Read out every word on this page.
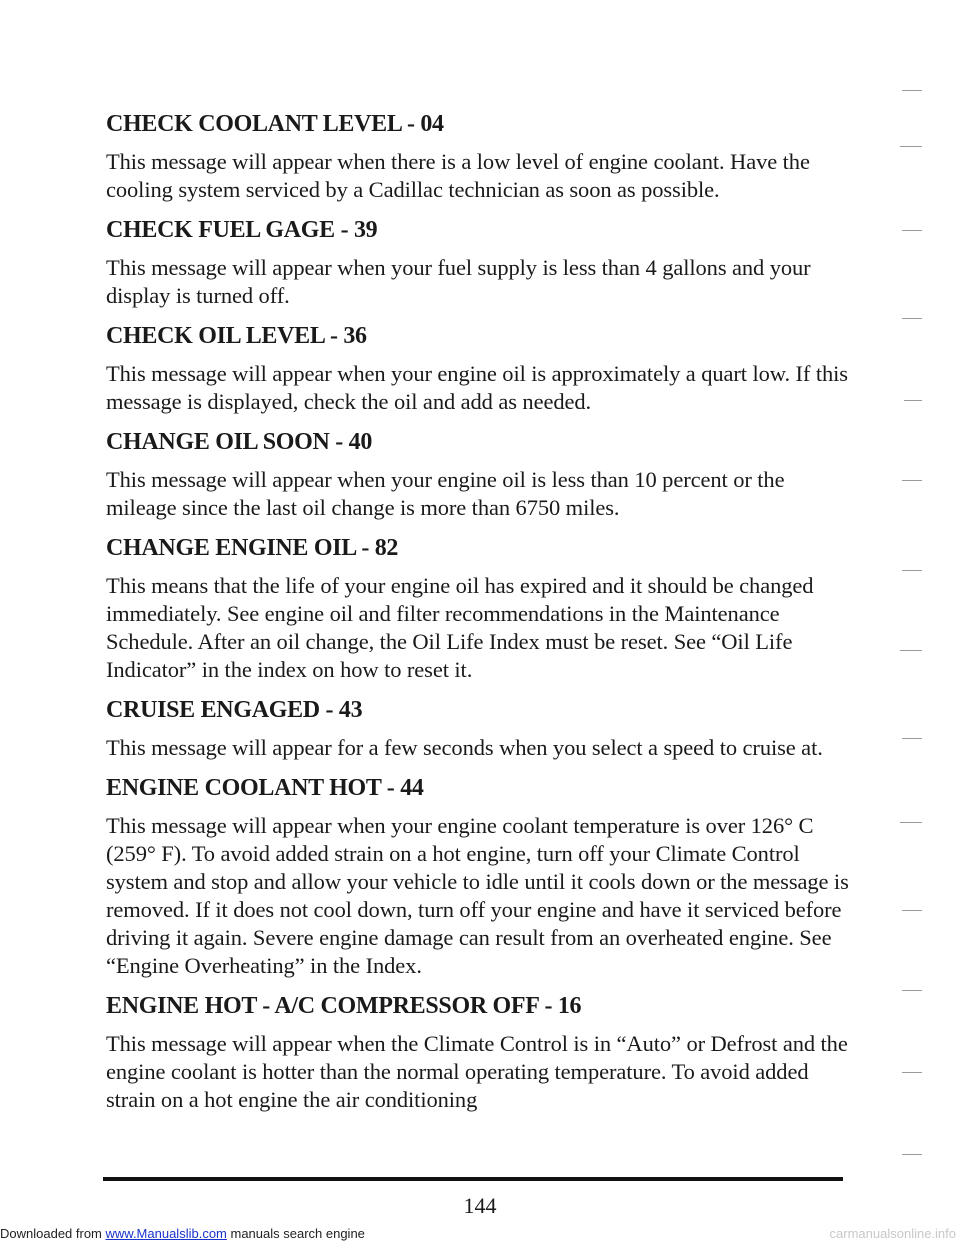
CHECK COOLANT LEVEL - 04

This message will appear when there is a low level of engine coolant. Have the cooling system serviced by a Cadillac technician as soon as possible.

CHECK FUEL GAGE - 39

This message will appear when your fuel supply is less than 4 gallons and your display is turned off.

CHECK OIL LEVEL - 36

This message will appear when your engine oil is approximately a quart low. If this message is displayed, check the oil and add as needed.

CHANGE OIL SOON - 40

This message will appear when your engine oil is less than 10 percent or the mileage since the last oil change is more than 6750 miles.

CHANGE ENGINE OIL - 82

This means that the life of your engine oil has expired and it should be changed immediately. See engine oil and filter recommendations in the Maintenance Schedule. After an oil change, the Oil Life Index must be reset. See “Oil Life Indicator” in the index on how to reset it.

CRUISE ENGAGED - 43

This message will appear for a few seconds when you select a speed to cruise at.

ENGINE COOLANT HOT - 44

This message will appear when your engine coolant temperature is over 126° C (259° F). To avoid added strain on a hot engine, turn off your Climate Control system and stop and allow your vehicle to idle until it cools down or the message is removed. If it does not cool down, turn off your engine and have it serviced before driving it again. Severe engine damage can result from an overheated engine. See “Engine Overheating” in the Index.

ENGINE HOT - A/C COMPRESSOR OFF - 16

This message will appear when the Climate Control is in “Auto” or Defrost and the engine coolant is hotter than the normal operating temperature. To avoid added strain on a hot engine the air conditioning

144
Downloaded from www.Manualslib.com manuals search engine	carmanualsonline.info
